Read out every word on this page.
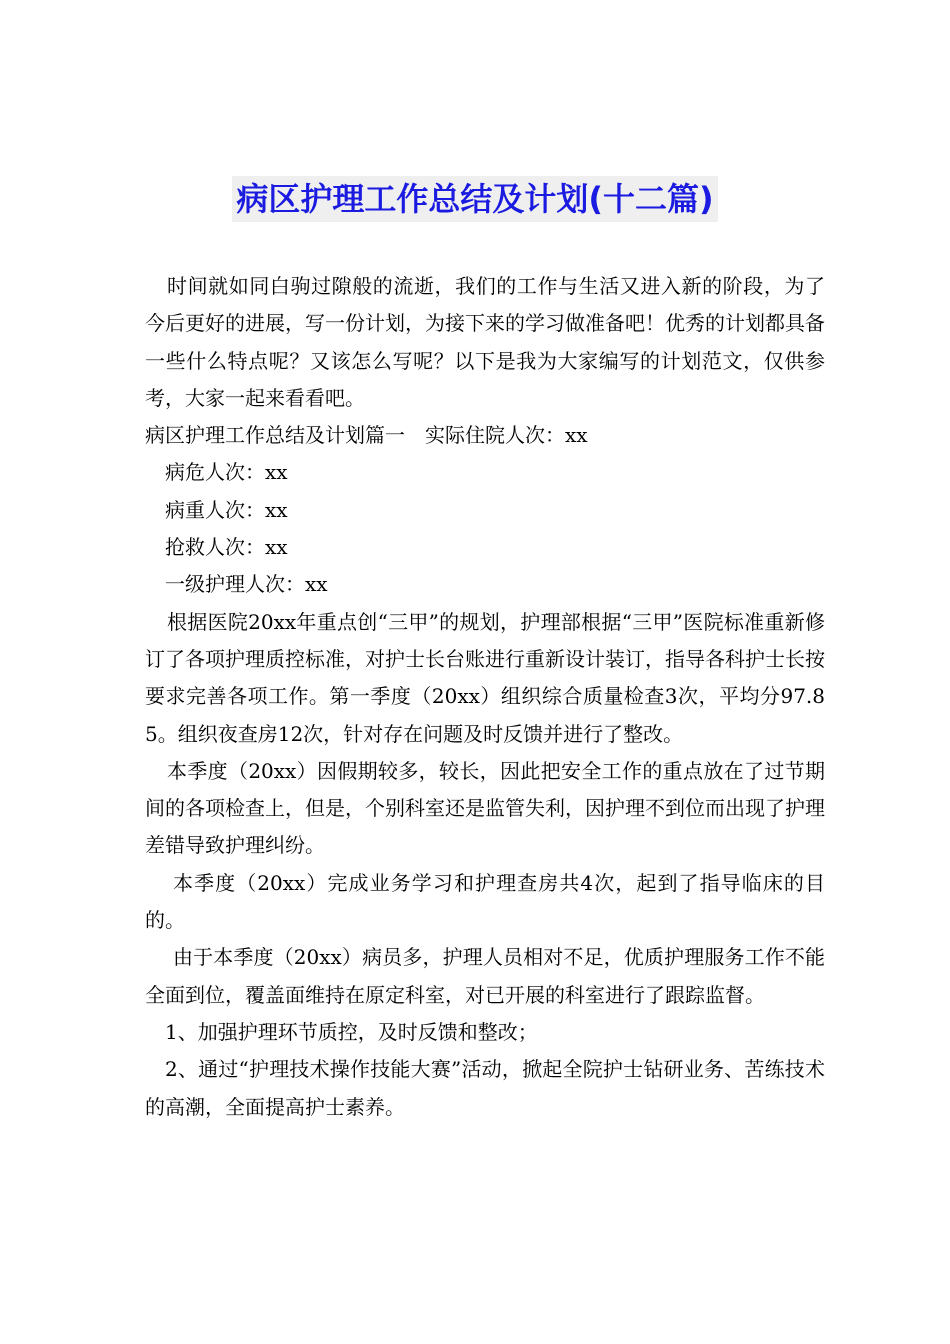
病区护理工作总结及计划(十二篇)

时间就如同白驹过隙般的流逝，我们的工作与生活又进入新的阶段，为了今后更好的进展，写一份计划，为接下来的学习做准备吧！优秀的计划都具备一些什么特点呢？又该怎么写呢？以下是我为大家编写的计划范文，仅供参考，大家一起来看看吧。

病区护理工作总结及计划篇一 实际住院人次：xx

病危人次：xx

病重人次：xx

抢救人次：xx

一级护理人次：xx

根据医院20xx年重点创“三甲”的规划，护理部根据“三甲”医院标准重新修订了各项护理质控标准，对护士长台账进行重新设计装订，指导各科护士长按要求完善各项工作。第一季度（20xx）组织综合质量检查3次，平均分97.85。组织夜查房12次，针对存在问题及时反馈并进行了整改。

本季度（20xx）因假期较多，较长，因此把安全工作的重点放在了过节期间的各项检查上，但是，个别科室还是监管失利，因护理不到位而出现了护理差错导致护理纠纷。

本季度（20xx）完成业务学习和护理查房共4次，起到了指导临床的目的。

由于本季度（20xx）病员多，护理人员相对不足，优质护理服务工作不能全面到位，覆盖面维持在原定科室，对已开展的科室进行了跟踪监督。

1、加强护理环节质控，及时反馈和整改；

2、通过“护理技术操作技能大赛”活动，掀起全院护士钻研业务、苦练技术的高潮，全面提高护士素养。
